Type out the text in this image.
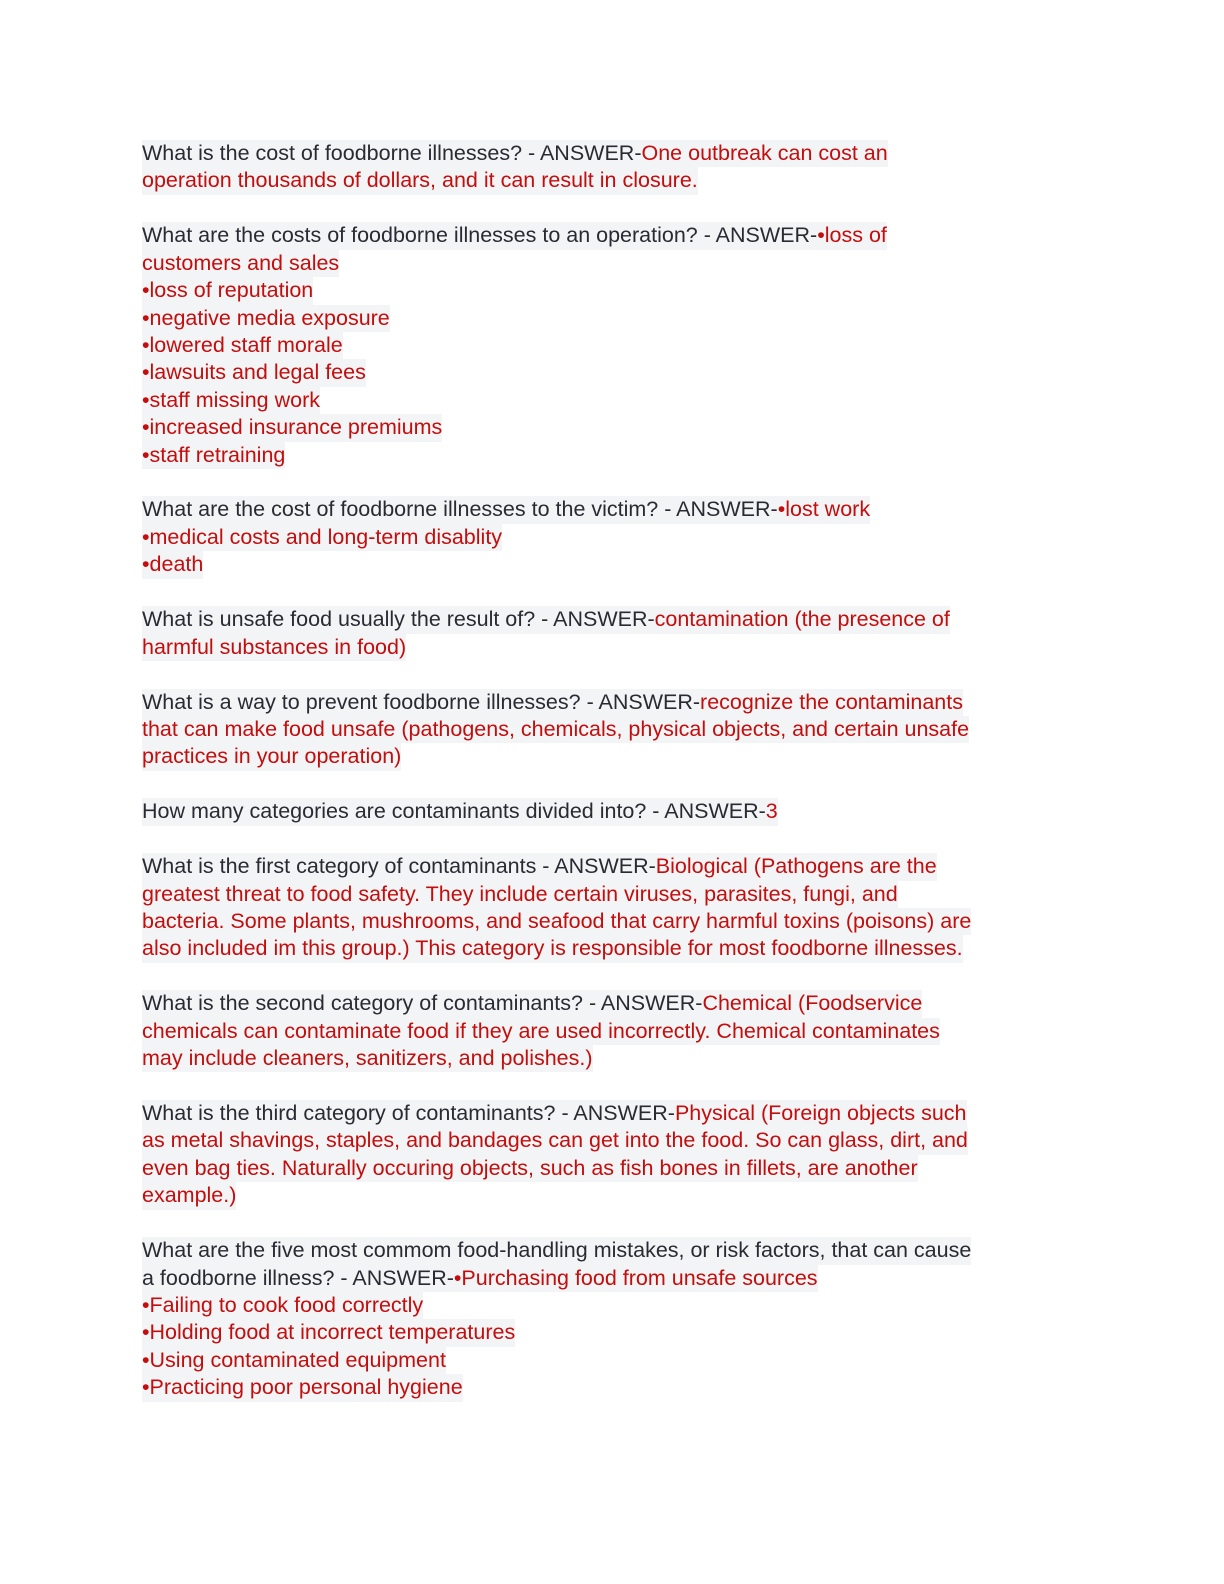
What is the cost of foodborne illnesses? - ANSWER-One outbreak can cost an
operation thousands of dollars, and it can result in closure.
What are the costs of foodborne illnesses to an operation? - ANSWER-•loss of
customers and sales
•loss of reputation
•negative media exposure
•lowered staff morale
•lawsuits and legal fees
•staff missing work
•increased insurance premiums
•staff retraining
What are the cost of foodborne illnesses to the victim? - ANSWER-•lost work
•medical costs and long-term disablity
•death
What is unsafe food usually the result of? - ANSWER-contamination (the presence of
harmful substances in food)
What is a way to prevent foodborne illnesses? - ANSWER-recognize the contaminants
that can make food unsafe (pathogens, chemicals, physical objects, and certain unsafe
practices in your operation)
How many categories are contaminants divided into? - ANSWER-3
What is the first category of contaminants - ANSWER-Biological (Pathogens are the
greatest threat to food safety. They include certain viruses, parasites, fungi, and
bacteria. Some plants, mushrooms, and seafood that carry harmful toxins (poisons) are
also included im this group.) This category is responsible for most foodborne illnesses.
What is the second category of contaminants? - ANSWER-Chemical (Foodservice
chemicals can contaminate food if they are used incorrectly. Chemical contaminates
may include cleaners, sanitizers, and polishes.)
What is the third category of contaminants? - ANSWER-Physical (Foreign objects such
as metal shavings, staples, and bandages can get into the food. So can glass, dirt, and
even bag ties. Naturally occuring objects, such as fish bones in fillets, are another
example.)
What are the five most commom food-handling mistakes, or risk factors, that can cause
a foodborne illness? - ANSWER-•Purchasing food from unsafe sources
•Failing to cook food correctly
•Holding food at incorrect temperatures
•Using contaminated equipment
•Practicing poor personal hygiene
